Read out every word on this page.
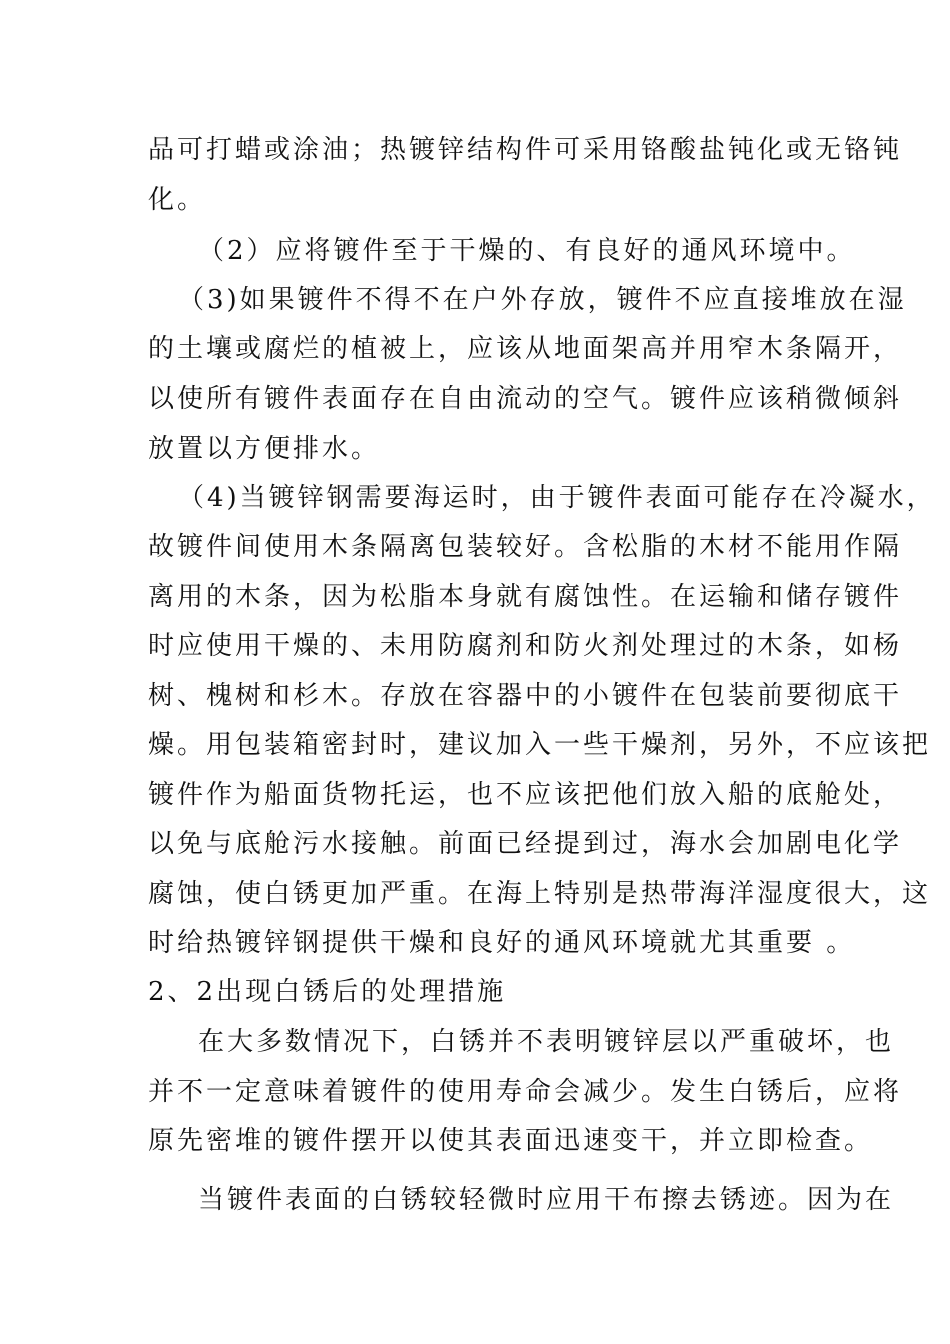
品可打蜡或涂油；热镀锌结构件可采用铬酸盐钝化或无铬钝
化。
（2）应将镀件至于干燥的、有良好的通风环境中。
（3)如果镀件不得不在户外存放，镀件不应直接堆放在湿
的土壤或腐烂的植被上，应该从地面架高并用窄木条隔开，
以使所有镀件表面存在自由流动的空气。镀件应该稍微倾斜
放置以方便排水。
（4)当镀锌钢需要海运时，由于镀件表面可能存在冷凝水，
故镀件间使用木条隔离包装较好。含松脂的木材不能用作隔
离用的木条，因为松脂本身就有腐蚀性。在运输和储存镀件
时应使用干燥的、未用防腐剂和防火剂处理过的木条，如杨
树、槐树和杉木。存放在容器中的小镀件在包装前要彻底干
燥。用包装箱密封时，建议加入一些干燥剂，另外，不应该把
镀件作为船面货物托运，也不应该把他们放入船的底舱处，
以免与底舱污水接触。前面已经提到过，海水会加剧电化学
腐蚀，使白锈更加严重。在海上特别是热带海洋湿度很大，这
时给热镀锌钢提供干燥和良好的通风环境就尤其重要 。
2、2出现白锈后的处理措施
在大多数情况下，白锈并不表明镀锌层以严重破坏，也
并不一定意味着镀件的使用寿命会减少。发生白锈后，应将
原先密堆的镀件摆开以使其表面迅速变干，并立即检查。
当镀件表面的白锈较轻微时应用干布擦去锈迹。因为在
